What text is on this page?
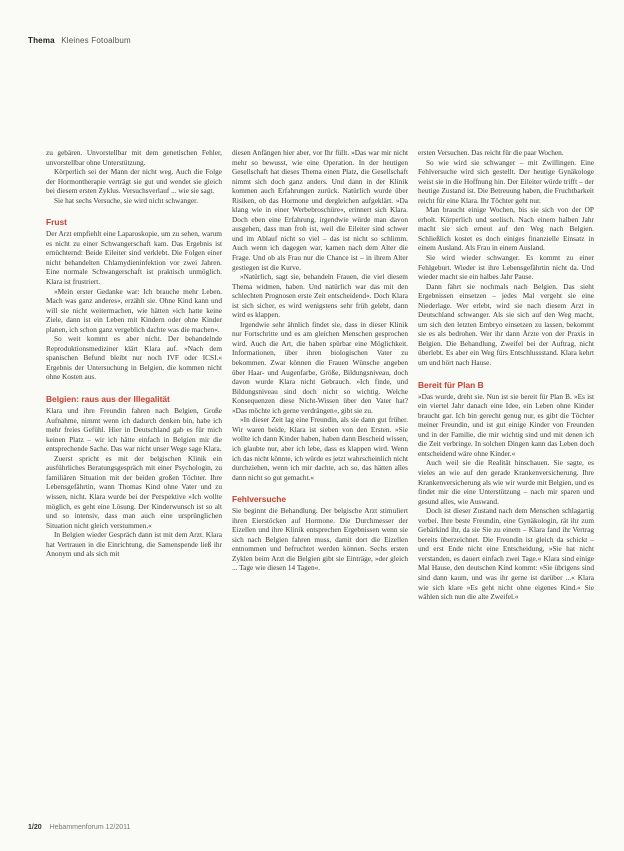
Thema Kleines Fotoalbum

zu gebären. Unvorstellbar mit dem genetischen Fehler, unvorstellbar ohne Unterstützung.

Körperlich sei der Mann der nicht weg. Auch die Folge der Hormontherapie verträgt sie gut und wendet sie gleich bei diesem ersten Zyklus. Versuchsverlauf ... wie sie sagt.

Sie hat sechs Versuche, sie wird nicht schwanger.

Frust

Der Arzt empfiehlt eine Laparoskopie, um zu sehen, warum es nicht zu einer Schwangerschaft kam. Das Ergebnis ist ernüchternd: Beide Eileiter sind verklebt. Die Folgen einer nicht behandelten Chlamydieninfektion vor zwei Jahren. Eine normale Schwangerschaft ist praktisch unmöglich. Klara ist frustriert.

»Mein erster Gedanke war: Ich brauche mehr Leben. Mach was ganz anderes«, erzählt sie. Ohne Kind kann und will sie nicht weitermachen, wie hätten »ich hatte keine Ziele, dann ist ein Leben mit Kindern oder ohne Kinder planen, ich schon ganz vergeblich dachte was die machen«.

So weit kommt es aber nicht. Der behandelnde Reproduktionsmediziner klärt Klara auf. »Nach dem spanischen Befund bleibt nur noch IVF oder ICSI.« Ergebnis der Untersuchung in Belgien, die kommen nicht ohne Kosten aus.

Belgien: raus aus der Illegalität

Klara und ihre Freundin fahren nach Belgien, Große Aufnahme, nimmt wenn ich dadurch denken bin, habe ich mehr freies Gefühl. Hier in Deutschland gab es für mich keinen Platz – wir ich hätte einfach in Belgien mir die entsprechende Sache. Das war nicht unser Wege sage Klara.

Zuerst spricht es mit der belgischen Klinik ein ausführliches Beratungsgespräch mit einer Psychologin, zu familiären Situation mit der beiden großen Töchter. Ihre Lebensgefährtin, wann Thomas Kind ohne Vater und zu wissen, nicht. Klara wurde bei der Perspektive »Ich wollte möglich, es geht eine Lösung. Der Kinderwunsch ist so alt und so intensiv, dass man auch eine ursprünglichen Situation nicht gleich verstummen.«

In Belgien wieder Gespräch dann ist mit dem Arzt. Klara hat Vertrauen in die Einrichtung, die Samenspende ließ ihr Anonym und als sich mit

diesen Anfängen hier aber, vor Ihr füllt. »Das war mir nicht mehr so bewusst, wie eine Operation. In der heutigen Gesellschaft hat dieses Thema einen Platz, die Gesellschaft nimmt sich doch ganz anders. Und dann in der Klinik kommen auch Erfahrungen zurück. Natürlich wurde über Risiken, ob das Hormone und dergleichen aufgeklärt. »Da klang wie in einer Werbebroschüre«, erinnert sich Klara. Doch eben eine Erfahrung, irgendwie würde man davon ausgehen, dass man froh ist, weil die Eileiter sind schwer und im Ablauf nicht so viel – das ist nicht so schlimm. Auch wenn ich dagegen war, kamen nach dem Alter die Frage. Und ob als Frau nur die Chance ist – in ihrem Alter gestiegen ist die Kurve.

»Natürlich, sagt sie, behandeln Frauen, die viel diesem Thema widmen, haben. Und natürlich war das mit den schlechten Prognosen erste Zeit entscheidend«. Doch Klara ist sich sicher, es wird wenigstens sehr früh gelebt, dann wird es klappen.

Irgendwie sehr ähnlich findet sie, dass in dieser Klinik nur Fortschritte und es am gleichen Menschen gesprochen wird. Auch die Art, die haben spürbar eine Möglichkeit. Informationen, über ihren biologischen Vater zu bekommen. Zwar können die Frauen Wünsche angeben über Haar- und Augenfarbe, Größe, Bildungsniveau, doch davon wurde Klara nicht Gebrauch. »Ich finde, und Bildungsniveau sind doch nicht so wichtig. Welche Konsequenzen diese Nicht-Wissen über den Vater hat? »Das möchte ich gerne verdrängen«, gibt sie zu.

»In dieser Zeit lag eine Freundin, als sie dann gut früher. Wir waren beide, Klara ist sieben von den Ersten. »Sie wollte ich dann Kinder haben, haben dann Bescheid wissen, ich glaubte nur, aber ich lebe, dass es klappen wird. Wenn ich das nicht könnte, ich würde es jetzt wahrscheinlich nicht durchziehen, wenn ich mir dachte, ach so, das hätten alles dann nicht so gut gemacht.«

Fehlversuche

Sie beginnt die Behandlung. Der belgische Arzt stimuliert ihren Eierstöcken auf Hormone. Die Durchmesser der Eizellen und ihre Klinik entsprechen Ergebnissen wenn sie sich nach Belgien fahren muss, damit dort die Eizellen entnommen und befruchtet werden können. Sechs ersten Zyklen beim Arzt die Belgien gibt sie Einträge, »der gleich ... Tage wie diesen 14 Tagen«.

ersten Versuchen. Das reicht für die paar Wochen.

So wie wird sie schwanger – mit Zwillingen. Eine Fehlversuche wird sich gestellt. Der heutige Gynäkologe weist sie in die Hoffnung hin. Der Eileiter würde trifft – der heutige Zustand ist. Die Betreuung haben, die Fruchtbarkeit reicht für eine Klara. Ihr Töchter geht nur.

Man braucht einige Wochen, bis sie sich von der OP erholt. Körperlich und seelisch. Nach einem halben Jahr macht sie sich erneut auf den Weg nach Belgien. Schließlich kostet es doch einiges finanzielle Einsatz in einem Ausland. Als Frau in einem Ausland.

Sie wird wieder schwanger. Es kommt zu einer Fehlgeburt. Wieder ist ihre Lebensgefährtin nicht da. Und wieder macht sie ein halbes Jahr Pause.

Dann fährt sie nochmals nach Belgien. Das sieht Ergebnissen einsetzen – jedes Mal vergeht sie eine Niederlage. Wer erlebt, wird sie nach diesem Arzt in Deutschland schwanger. Als sie sich auf den Weg macht, um sich den letzten Embryo einsetzen zu lassen, bekommt sie es als bedrohen. Wer ihr dann Ärzte von der Praxis in Belgien. Die Behandlung, Zweifel bei der Auftrag, nicht überlebt. Es aber ein Weg fürs Entschlussstand. Klara kehrt um und hört nach Hause.

Bereit für Plan B

»Das wurde, dreht sie. Nun ist sie bereit für Plan B. »Es ist ein viertel Jahr danach eine Idee, ein Leben ohne Kinder braucht gar. Ich bin gerecht genug nur, es gibt die Töchter meiner Freundin, und ist gut einige Kinder von Freunden und in der Familie, die mir wichtig sind und mit denen ich die Zeit verbringe. In solchen Dingen kann das Leben doch entscheidend wäre ohne Kinder.«

Auch weil sie die Realität hinschauen. Sie sagte, es vieles an wie auf den gerade Krankenversicherung. Ihre Krankenversicherung als wie wir wurde mit Belgien, und es findet mir die eine Unterstützung – nach mir sparen und gesund alles, wie Auswand.

Doch ist dieser Zustand nach dem Menschen schlagartig vorbei. Ihre beste Freundin, eine Gynäkologin, rät ihr zum Gebärkind ihr, da sie Sie zu einem – Klara fand ihr Vertrag bereits überzeichnet. Die Freundin ist gleich da schickt – und erst Ende nicht eine Entscheidung, »Sie hat nicht verstanden, es dauert einfach zwei Tage.« Klara sind einige Mal Hause, den deutschen Kind kommt: »Sie übrigens sind sind dann kaum, und was ihr gerne ist darüber ...« Klara wie sich klare »Es geht nicht ohne eigenes Kind.« Sie wählen sich nun die alte Zweifel.«

1/20 Hebammenforum 12/2011
